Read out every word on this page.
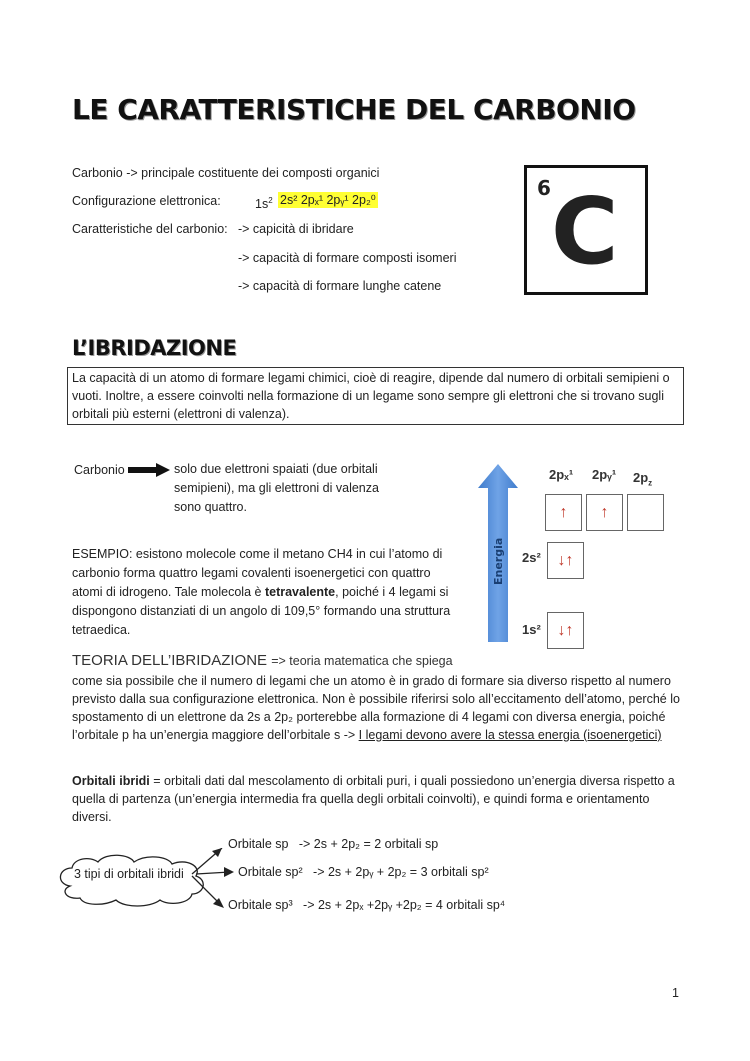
LE CARATTERISTICHE DEL CARBONIO
Carbonio -> principale costituente dei composti organici
Configurazione elettronica:	$1s^2$ 2s² 2pₓ¹ 2pᵧ¹ 2p₂⁰
Caratteristiche del carbonio: -> capicità di ibridare
-> capacità di formare composti isomeri
-> capacità di formare lunghe catene
6 C
L’IBRIDAZIONE
La capacità di un atomo di formare legami chimici, cioè di reagire, dipende dal numero di orbitali semipieni o vuoti. Inoltre, a essere coinvolti nella formazione di un legame sono sempre gli elettroni che si trovano sugli orbitali più esterni (elettroni di valenza).
Carbonio	solo due elettroni spaiati (due orbitali semipieni), ma gli elettroni di valenza sono quattro.
ESEMPIO: esistono molecole come il metano CH4 in cui l’atomo di carbonio forma quattro legami covalenti isoenergetici con quattro atomi di idrogeno. Tale molecola è tetravalente, poiché i 4 legami si dispongono distanziati di un angolo di 109,5° formando una struttura tetraedica.
Energia
2pₓ¹ 2pᵧ¹ $2p_z$
↑	↑
2s²	↓↑
1s²	↓↑
TEORIA DELL’IBRIDAZIONE => teoria matematica che spiega
come sia possibile che il numero di legami che un atomo è in grado di formare sia diverso rispetto al numero previsto dalla sua configurazione elettronica. Non è possibile riferirsi solo all’eccitamento dell’atomo, perché lo spostamento di un elettrone da 2s a 2p₂ porterebbe alla formazione di 4 legami con diversa energia, poiché l’orbitale p ha un’energia maggiore dell’orbitale s -> I legami devono avere la stessa energia (isoenergetici)
Orbitali ibridi = orbitali dati dal mescolamento di orbitali puri, i quali possiedono un’energia diversa rispetto a quella di partenza (un’energia intermedia fra quella degli orbitali coinvolti), e quindi forma e orientamento diversi.
3 tipi di orbitali ibridi
Orbitale sp -> 2s + 2p₂ = 2 orbitali sp
Orbitale sp² -> 2s + 2pᵧ + 2p₂ = 3 orbitali sp²
Orbitale sp³ -> 2s + 2pₓ +2pᵧ +2p₂ = 4 orbitali sp⁴
1
